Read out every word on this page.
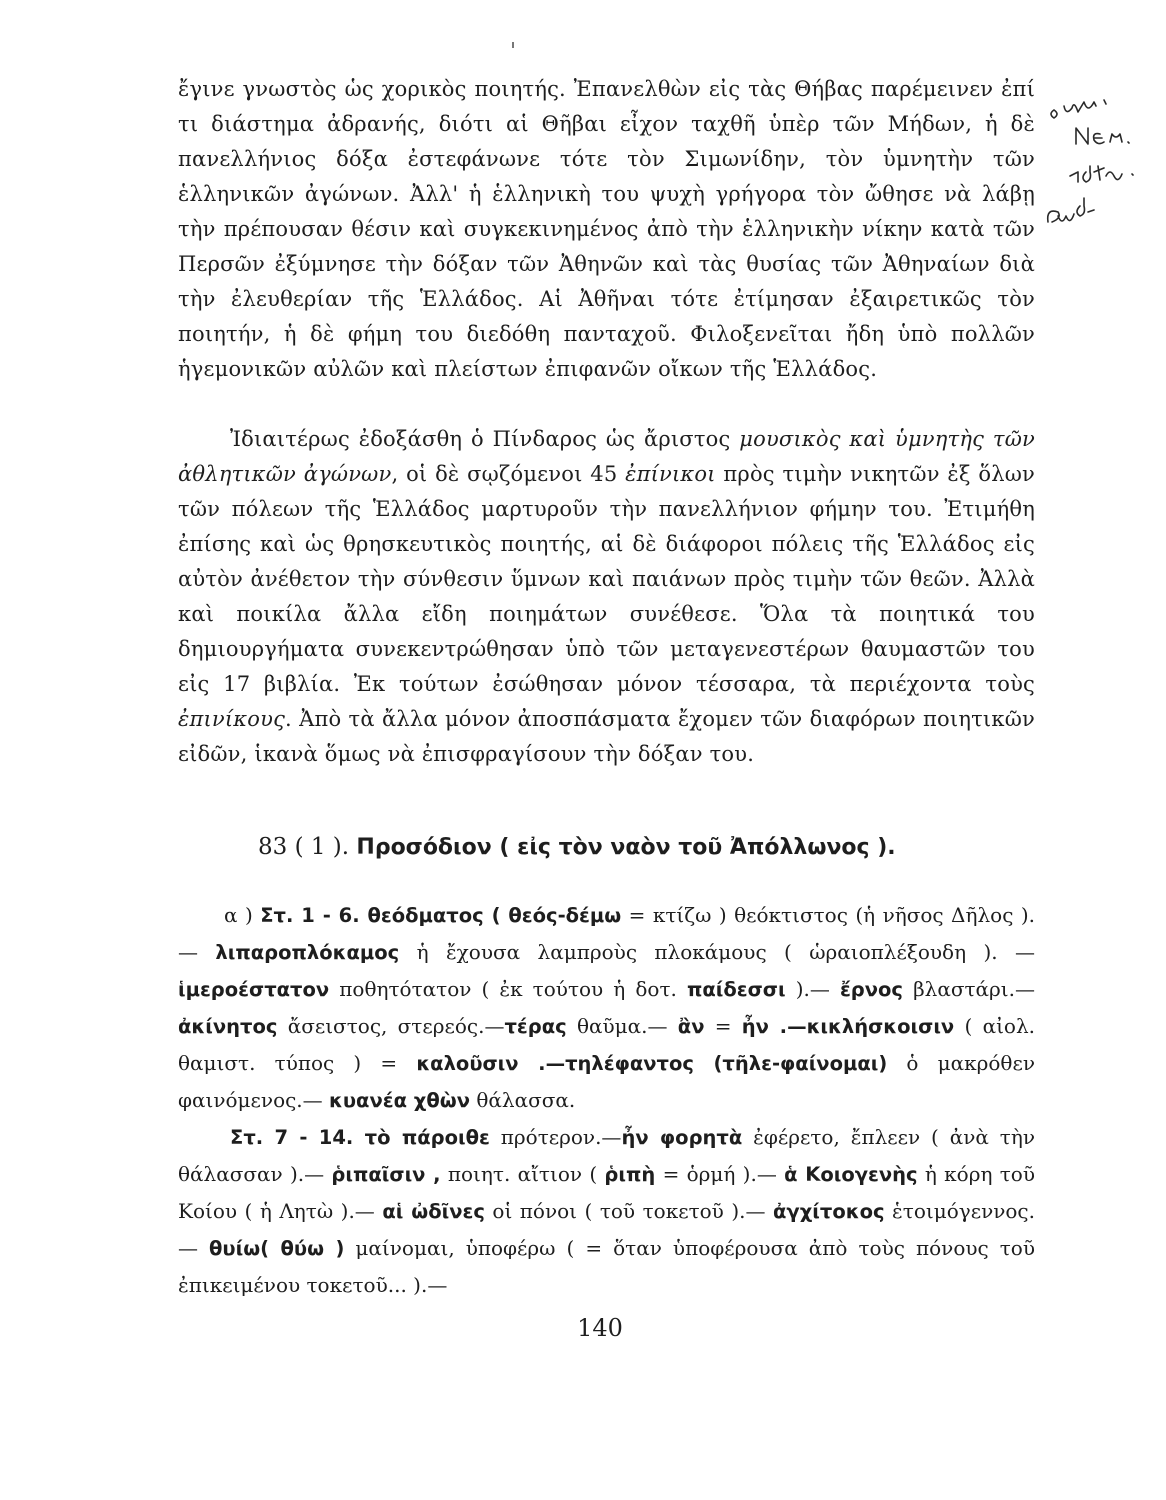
ἔγινε γνωστὸς ὡς χορικὸς ποιητής. Ἐπανελθὼν εἰς τὰς Θήβας παρέμεινεν ἐπί τι διάστημα ἀδρανής, διότι αἱ Θῆβαι εἶχον ταχθῆ ὑπὲρ τῶν Μήδων, ἡ δὲ πανελλήνιος δόξα ἐστεφάνωνε τότε τὸν Σιμωνίδην, τὸν ὑμνητὴν τῶν ἑλληνικῶν ἀγώνων. Ἀλλ' ἡ ἑλληνικὴ του ψυχὴ γρήγορα τὸν ὤθησε νὰ λάβῃ τὴν πρέπουσαν θέσιν καὶ συγκεκινημένος ἀπὸ τὴν ἑλληνικὴν νίκην κατὰ τῶν Περσῶν ἐξύμνησε τὴν δόξαν τῶν Ἀθηνῶν καὶ τὰς θυσίας τῶν Ἀθηναίων διὰ τὴν ἐλευθερίαν τῆς Ἑλλάδος. Αἱ Ἀθῆναι τότε ἐτίμησαν ἐξαιρετικῶς τὸν ποιητήν, ἡ δὲ φήμη του διεδόθη πανταχοῦ. Φιλοξενεῖται ἤδη ὑπὸ πολλῶν ἡγεμονικῶν αὐλῶν καὶ πλείστων ἐπιφανῶν οἴκων τῆς Ἑλλάδος.

Ἰδιαιτέρως ἐδοξάσθη ὁ Πίνδαρος ὡς ἄριστος μουσικὸς καὶ ὑμνητὴς τῶν ἀθλητικῶν ἀγώνων, οἱ δὲ σῳζόμενοι 45 ἐπίνικοι πρὸς τιμὴν νικητῶν ἐξ ὅλων τῶν πόλεων τῆς Ἑλλάδος μαρτυροῦν τὴν πανελλήνιον φήμην του. Ἐτιμήθη ἐπίσης καὶ ὡς θρησκευτικὸς ποιητής, αἱ δὲ διάφοροι πόλεις τῆς Ἑλλάδος εἰς αὐτὸν ἀνέθετον τὴν σύνθεσιν ὕμνων καὶ παιάνων πρὸς τιμὴν τῶν θεῶν. Ἀλλὰ καὶ ποικίλα ἄλλα εἴδη ποιημάτων συνέθεσε. Ὅλα τὰ ποιητικά του δημιουργήματα συνεκεντρώθησαν ὑπὸ τῶν μεταγενεστέρων θαυμαστῶν του εἰς 17 βιβλία. Ἐκ τούτων ἐσώθησαν μόνον τέσσαρα, τὰ περιέχοντα τοὺς ἐπινίκους. Ἀπὸ τὰ ἄλλα μόνον ἀποσπάσματα ἔχομεν τῶν διαφόρων ποιητικῶν εἰδῶν, ἱκανὰ ὅμως νὰ ἐπισφραγίσουν τὴν δόξαν του.

83 ( 1 ). Προσόδιον ( εἰς τὸν ναὸν τοῦ Ἀπόλλωνος ).

α ) Στ. 1 - 6. θεόδματος ( θεός-δέμω = κτίζω ) θεόκτιστος (ἡ νῆσος Δῆλος ).— λιπαροπλόκαμος ἡ ἔχουσα λαμπροὺς πλοκάμους ( ὡραιοπλέξουδη ). —ἱμεροέστατον ποθητότατον ( ἐκ τούτου ἡ δοτ. παίδεσσι ).— ἔρνος βλαστάρι.—ἀκίνητος ἄσειστος, στερεός.—τέρας θαῦμα.— ἂν = ἦν .—κικλήσκοισιν ( αἰολ. θαμιστ. τύπος ) = καλοῦσιν .—τηλέφαντος (τῆλε-φαίνομαι) ὁ μακρόθεν φαινόμενος.— κυανέα χθὼν θάλασσα.

Στ. 7 - 14. τὸ πάροιθε πρότερον.—ἦν φορητὰ ἐφέρετο, ἔπλεεν ( ἀνὰ τὴν θάλασσαν ).— ῥιπαῖσιν , ποιητ. αἴτιον ( ῥιπὴ = ὁρμή ).— ἁ Κοιογενὴς ἡ κόρη τοῦ Κοίου ( ἡ Λητὼ ).— αἱ ὠδῖνες οἱ πόνοι ( τοῦ τοκετοῦ ).— ἀγχίτοκος ἑτοιμόγεννος. — θυίω( θύω ) μαίνομαι, ὑποφέρω ( = ὅταν ὑποφέρουσα ἀπὸ τοὺς πόνους τοῦ ἐπικειμένου τοκετοῦ... ).—

140
